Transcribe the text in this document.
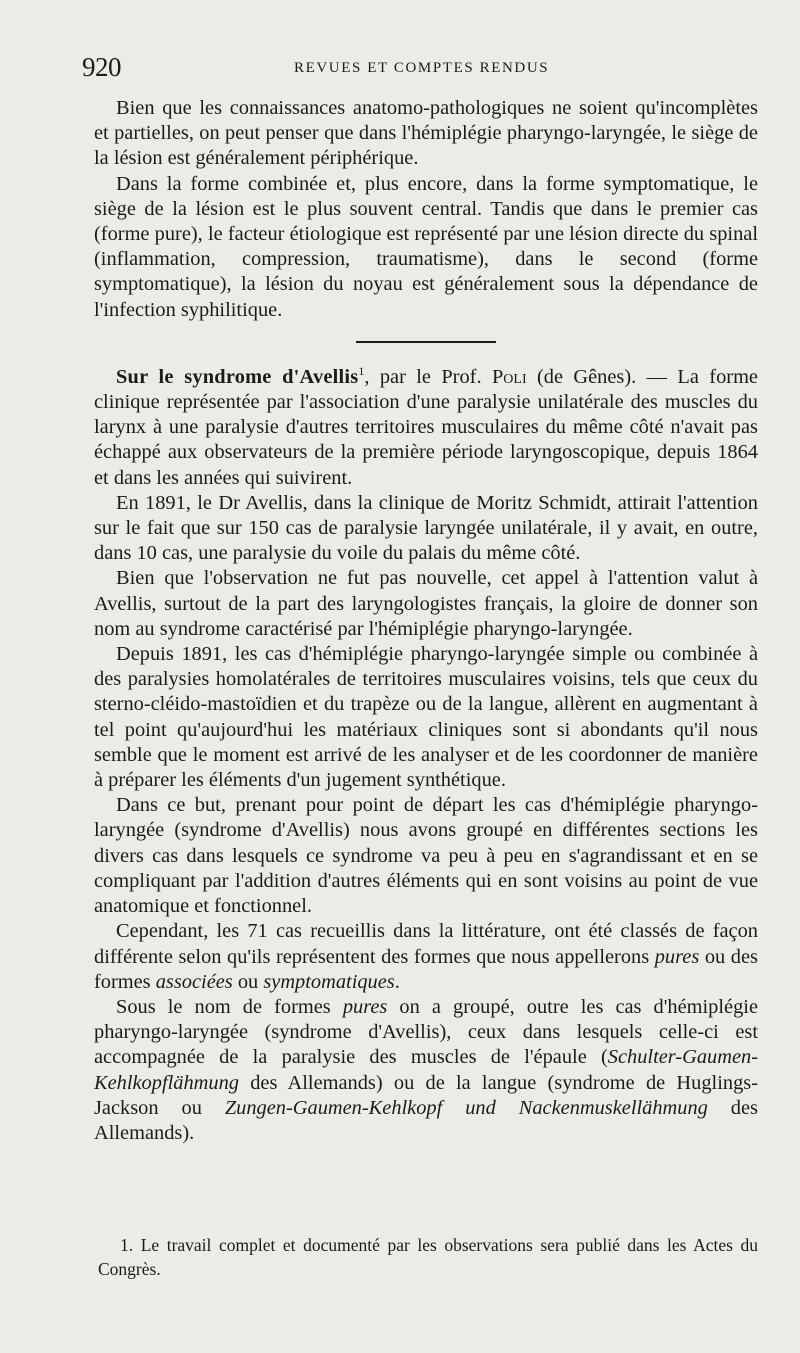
920	REVUES ET COMPTES RENDUS

Bien que les connaissances anatomo-pathologiques ne soient qu'incomplètes et partielles, on peut penser que dans l'hémiplégie pharyngo-laryngée, le siège de la lésion est généralement périphérique.

Dans la forme combinée et, plus encore, dans la forme symptomatique, le siège de la lésion est le plus souvent central. Tandis que dans le premier cas (forme pure), le facteur étiologique est représenté par une lésion directe du spinal (inflammation, compression, traumatisme), dans le second (forme symptomatique), la lésion du noyau est généralement sous la dépendance de l'infection syphilitique.

Sur le syndrome d'Avellis$^1$, par le Prof. Poli (de Gênes). — La forme clinique représentée par l'association d'une paralysie unilatérale des muscles du larynx à une paralysie d'autres territoires musculaires du même côté n'avait pas échappé aux observateurs de la première période laryngoscopique, depuis 1864 et dans les années qui suivirent.

En 1891, le Dr Avellis, dans la clinique de Moritz Schmidt, attirait l'attention sur le fait que sur 150 cas de paralysie laryngée unilatérale, il y avait, en outre, dans 10 cas, une paralysie du voile du palais du même côté.

Bien que l'observation ne fut pas nouvelle, cet appel à l'attention valut à Avellis, surtout de la part des laryngologistes français, la gloire de donner son nom au syndrome caractérisé par l'hémiplégie pharyngo-laryngée.

Depuis 1891, les cas d'hémiplégie pharyngo-laryngée simple ou combinée à des paralysies homolatérales de territoires musculaires voisins, tels que ceux du sterno-cléido-mastoïdien et du trapèze ou de la langue, allèrent en augmentant à tel point qu'aujourd'hui les matériaux cliniques sont si abondants qu'il nous semble que le moment est arrivé de les analyser et de les coordonner de manière à préparer les éléments d'un jugement synthétique.

Dans ce but, prenant pour point de départ les cas d'hémiplégie pharyngo-laryngée (syndrome d'Avellis) nous avons groupé en différentes sections les divers cas dans lesquels ce syndrome va peu à peu en s'agrandissant et en se compliquant par l'addition d'autres éléments qui en sont voisins au point de vue anatomique et fonctionnel.

Cependant, les 71 cas recueillis dans la littérature, ont été classés de façon différente selon qu'ils représentent des formes que nous appellerons pures ou des formes associées ou symptomatiques.

Sous le nom de formes pures on a groupé, outre les cas d'hémiplégie pharyngo-laryngée (syndrome d'Avellis), ceux dans lesquels celle-ci est accompagnée de la paralysie des muscles de l'épaule (Schulter-Gaumen-Kehlkopflähmung des Allemands) ou de la langue (syndrome de Huglings-Jackson ou Zungen-Gaumen-Kehlkopf und Nackenmuskellähmung des Allemands).

1. Le travail complet et documenté par les observations sera publié dans les Actes du Congrès.
